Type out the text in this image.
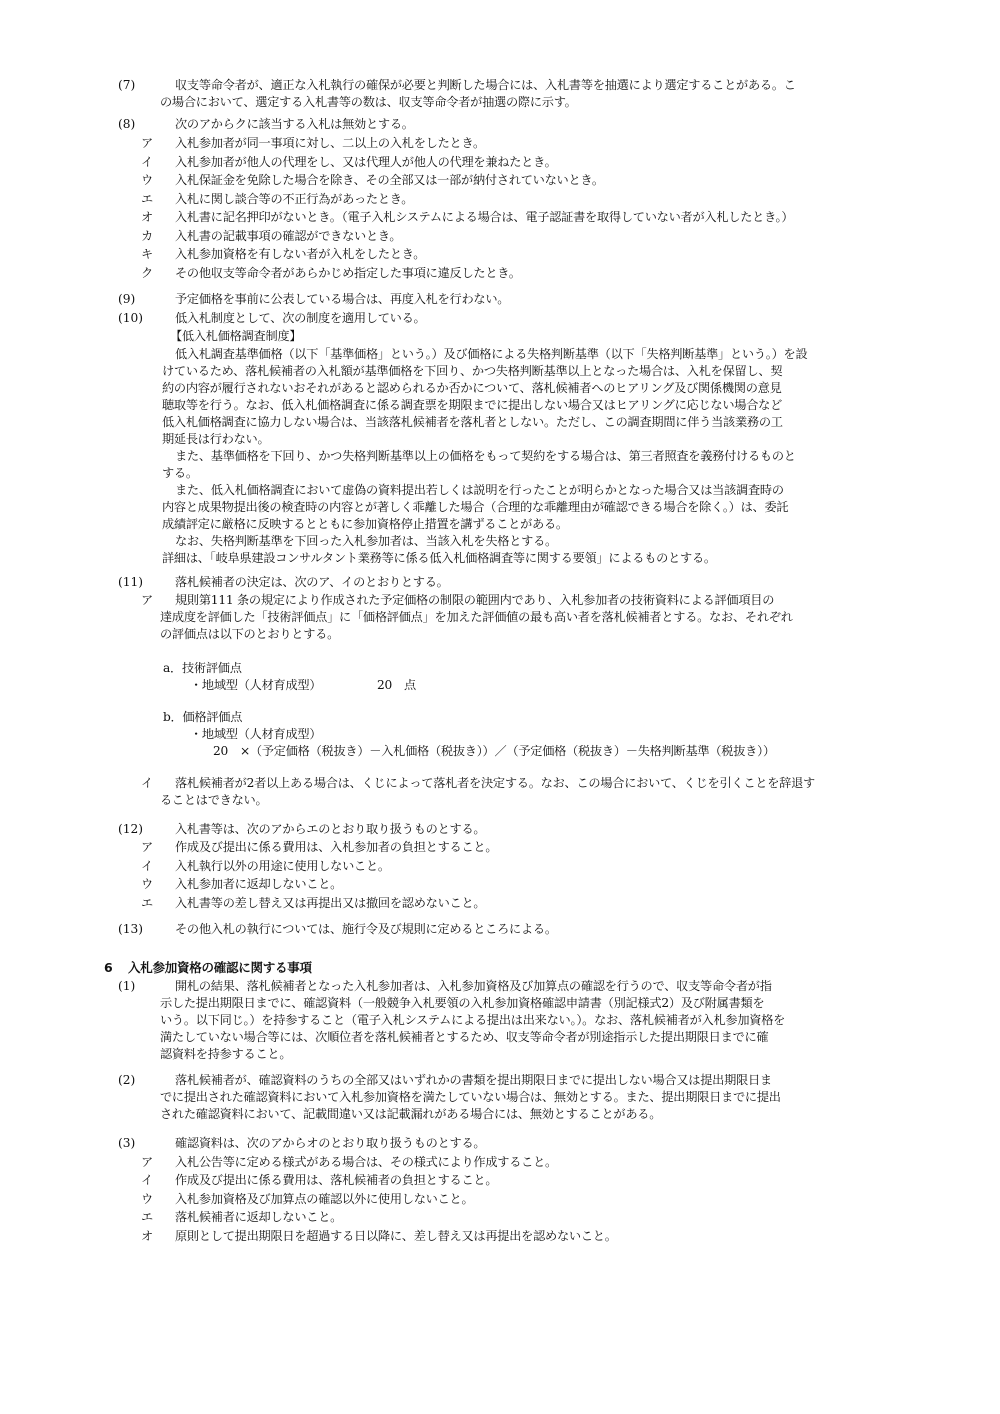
(7)	収支等命令者が、適正な入札執行の確保が必要と判断した場合には、入札書等を抽選により選定することがある。こ
の場合において、選定する入札書等の数は、収支等命令者が抽選の際に示す。
(8)	次のアからクに該当する入札は無効とする。
ア 入札参加者が同一事項に対し、二以上の入札をしたとき。
イ 入札参加者が他人の代理をし、又は代理人が他人の代理を兼ねたとき。
ウ 入札保証金を免除した場合を除き、その全部又は一部が納付されていないとき。
エ 入札に関し談合等の不正行為があったとき。
オ 入札書に記名押印がないとき。（電子入札システムによる場合は、電子認証書を取得していない者が入札したとき。）
カ 入札書の記載事項の確認ができないとき。
キ 入札参加資格を有しない者が入札をしたとき。
ク その他収支等命令者があらかじめ指定した事項に違反したとき。
(9)	予定価格を事前に公表している場合は、再度入札を行わない。
(10)	低入札制度として、次の制度を適用している。
【低入札価格調査制度】
低入札調査基準価格（以下「基準価格」という。）及び価格による失格判断基準（以下「失格判断基準」という。）を設
けているため、落札候補者の入札額が基準価格を下回り、かつ失格判断基準以上となった場合は、入札を保留し、契
約の内容が履行されないおそれがあると認められるか否かについて、落札候補者へのヒアリング及び関係機関の意見
聴取等を行う。なお、低入札価格調査に係る調査票を期限までに提出しない場合又はヒアリングに応じない場合など
低入札価格調査に協力しない場合は、当該落札候補者を落札者としない。ただし、この調査期間に伴う当該業務の工
期延長は行わない。
また、基準価格を下回り、かつ失格判断基準以上の価格をもって契約をする場合は、第三者照査を義務付けるものと
する。
また、低入札価格調査において虚偽の資料提出若しくは説明を行ったことが明らかとなった場合又は当該調査時の
内容と成果物提出後の検査時の内容とが著しく乖離した場合（合理的な乖離理由が確認できる場合を除く。）は、委託
成績評定に厳格に反映するとともに参加資格停止措置を講ずることがある。
なお、失格判断基準を下回った入札参加者は、当該入札を失格とする。
詳細は、「岐阜県建設コンサルタント業務等に係る低入札価格調査等に関する要領」によるものとする。
(11)	落札候補者の決定は、次のア、イのとおりとする。
ア 規則第111 条の規定により作成された予定価格の制限の範囲内であり、入札参加者の技術資料による評価項目の
達成度を評価した「技術評価点」に「価格評価点」を加えた評価値の最も高い者を落札候補者とする。なお、それぞれ
の評価点は以下のとおりとする。
a．技術評価点
・地域型（人材育成型）	20　点
b．価格評価点
・地域型（人材育成型）
20　×（予定価格（税抜き）－入札価格（税抜き））／（予定価格（税抜き）－失格判断基準（税抜き））
イ 落札候補者が2者以上ある場合は、くじによって落札者を決定する。なお、この場合において、くじを引くことを辞退す
ることはできない。
(12)	入札書等は、次のアからエのとおり取り扱うものとする。
ア 作成及び提出に係る費用は、入札参加者の負担とすること。
イ 入札執行以外の用途に使用しないこと。
ウ 入札参加者に返却しないこと。
エ 入札書等の差し替え又は再提出又は撤回を認めないこと。
(13)	その他入札の執行については、施行令及び規則に定めるところによる。
6 入札参加資格の確認に関する事項
(1)	開札の結果、落札候補者となった入札参加者は、入札参加資格及び加算点の確認を行うので、収支等命令者が指
示した提出期限日までに、確認資料（一般競争入札要領の入札参加資格確認申請書（別記様式2）及び附属書類を
いう。以下同じ。）を持参すること（電子入札システムによる提出は出来ない。）。なお、落札候補者が入札参加資格を
満たしていない場合等には、次順位者を落札候補者とするため、収支等命令者が別途指示した提出期限日までに確
認資料を持参すること。
(2)	落札候補者が、確認資料のうちの全部又はいずれかの書類を提出期限日までに提出しない場合又は提出期限日ま
でに提出された確認資料において入札参加資格を満たしていない場合は、無効とする。また、提出期限日までに提出
された確認資料において、記載間違い又は記載漏れがある場合には、無効とすることがある。
(3)	確認資料は、次のアからオのとおり取り扱うものとする。
ア 入札公告等に定める様式がある場合は、その様式により作成すること。
イ 作成及び提出に係る費用は、落札候補者の負担とすること。
ウ 入札参加資格及び加算点の確認以外に使用しないこと。
エ 落札候補者に返却しないこと。
オ 原則として提出期限日を超過する日以降に、差し替え又は再提出を認めないこと。
